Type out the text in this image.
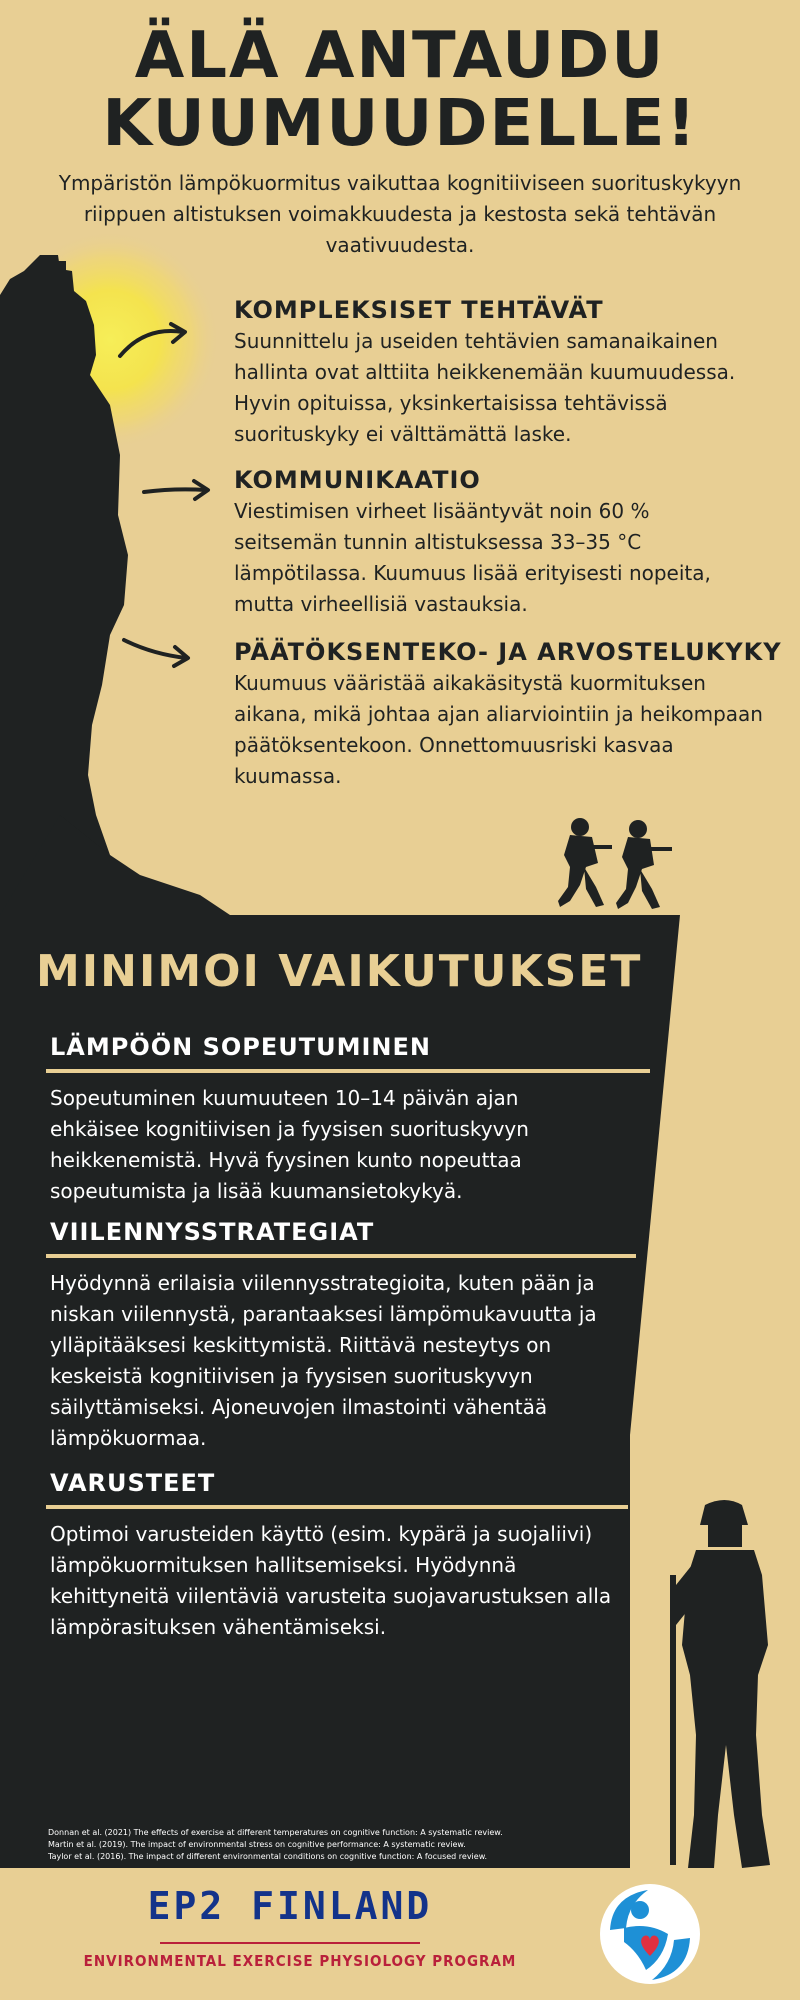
ÄLÄ ANTAUDU
KUUMUUDELLE!
Ympäristön lämpökuormitus vaikuttaa kognitiiviseen suorituskykyyn riippuen altistuksen voimakkuudesta ja kestosta sekä tehtävän vaativuudesta.
KOMPLEKSISET TEHTÄVÄT
Suunnittelu ja useiden tehtävien samanaikainen hallinta ovat alttiita heikkenemään kuumuudessa. Hyvin opituissa, yksinkertaisissa tehtävissä suorituskyky ei välttämättä laske.
KOMMUNIKAATIO
Viestimisen virheet lisääntyvät noin 60 % seitsemän tunnin altistuksessa 33–35 °C lämpötilassa. Kuumuus lisää erityisesti nopeita, mutta virheellisiä vastauksia.
PÄÄTÖKSENTEKO- JA ARVOSTELUKYKY
Kuumuus vääristää aikakäsitystä kuormituksen aikana, mikä johtaa ajan aliarviointiin ja heikompaan päätöksentekoon. Onnettomuusriski kasvaa kuumassa.
MINIMOI VAIKUTUKSET
LÄMPÖÖN SOPEUTUMINEN
Sopeutuminen kuumuuteen 10–14 päivän ajan ehkäisee kognitiivisen ja fyysisen suorituskyvyn heikkenemistä. Hyvä fyysinen kunto nopeuttaa sopeutumista ja lisää kuumansietokykyä.
VIILENNYSSTRATEGIAT
Hyödynnä erilaisia viilennysstrategioita, kuten pään ja niskan viilennystä, parantaaksesi lämpömukavuutta ja ylläpitääksesi keskittymistä. Riittävä nesteytys on keskeistä kognitiivisen ja fyysisen suorituskyvyn säilyttämiseksi. Ajoneuvojen ilmastointi vähentää lämpökuormaa.
VARUSTEET
Optimoi varusteiden käyttö (esim. kypärä ja suojaliivi) lämpökuormituksen hallitsemiseksi. Hyödynnä kehittyneitä viilentäviä varusteita suojavarustuksen alla lämpörasituksen vähentämiseksi.
Donnan et al. (2021) The effects of exercise at different temperatures on cognitive function: A systematic review.
Martin et al. (2019). The impact of environmental stress on cognitive performance: A systematic review.
Taylor et al. (2016). The impact of different environmental conditions on cognitive function: A focused review.
EP2 FINLAND
ENVIRONMENTAL EXERCISE PHYSIOLOGY PROGRAM
